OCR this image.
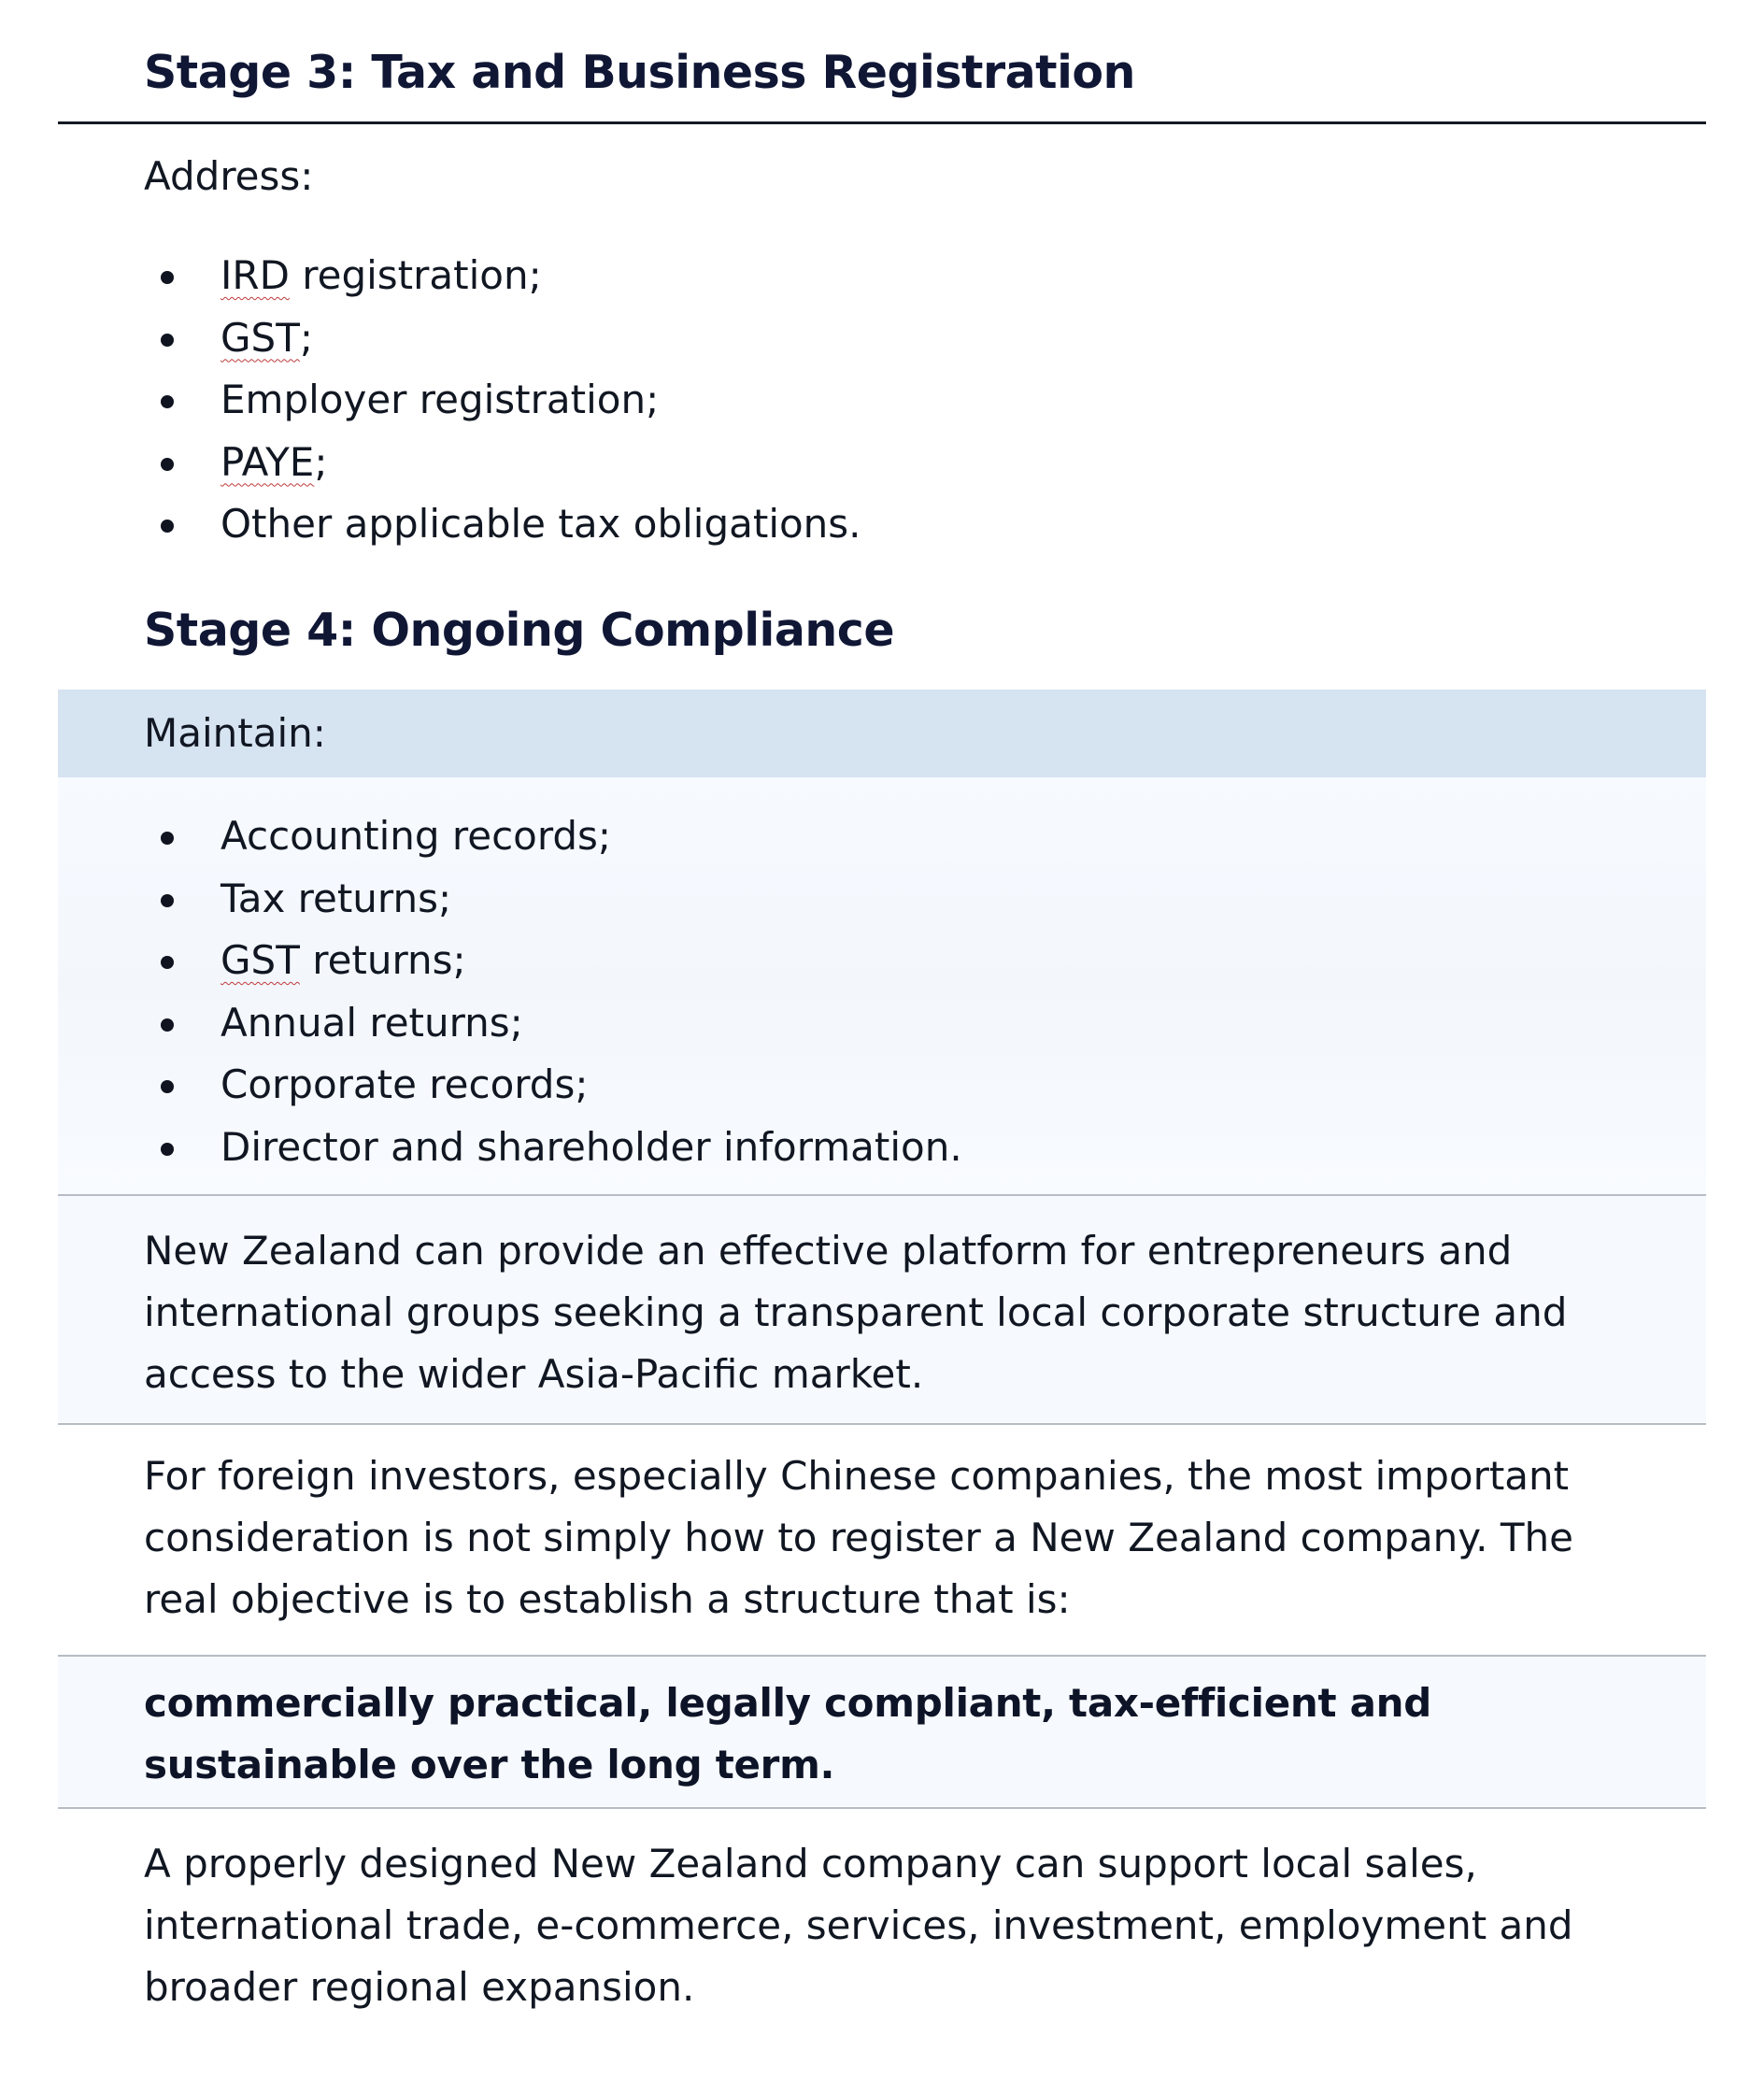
Stage 3: Tax and Business Registration

Address:

IRD registration;
GST;
Employer registration;
PAYE;
Other applicable tax obligations.
Stage 4: Ongoing Compliance

Maintain:

Accounting records;
Tax returns;
GST returns;
Annual returns;
Corporate records;
Director and shareholder information.

New Zealand can provide an effective platform for entrepreneurs and international groups seeking a transparent local corporate structure and access to the wider Asia-Pacific market.

For foreign investors, especially Chinese companies, the most important consideration is not simply how to register a New Zealand company. The real objective is to establish a structure that is:

commercially practical, legally compliant, tax-efficient and sustainable over the long term.

A properly designed New Zealand company can support local sales, international trade, e-commerce, services, investment, employment and broader regional expansion.
